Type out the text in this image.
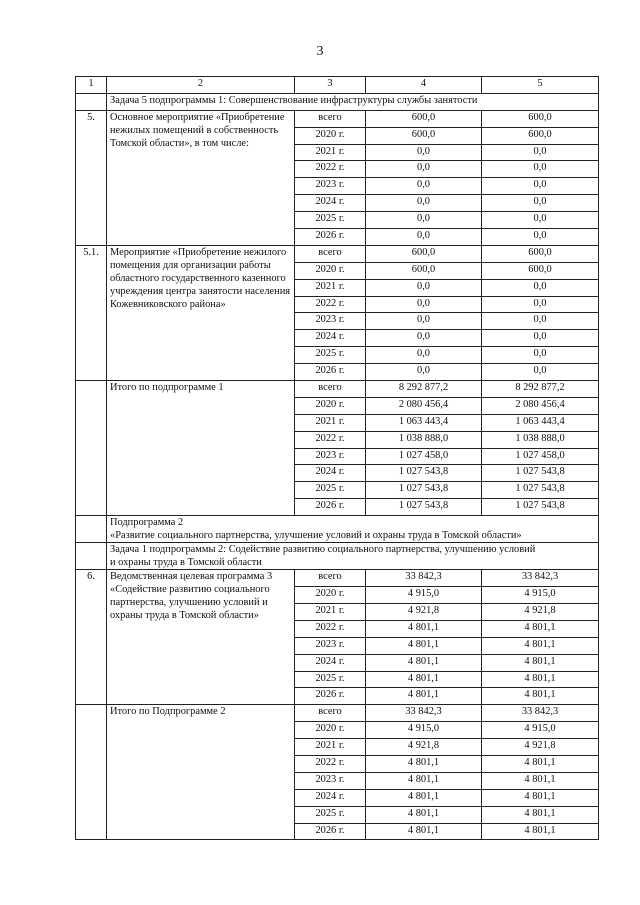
3
1	2	3	4	5
	Задача 5 подпрограммы 1: Совершенствование инфраструктуры службы занятости			
5.	Основное мероприятие «Приобретение нежилых помещений в собственность Томской области», в том числе:	всего	600,0	600,0
		2020 г.	600,0	600,0
		2021 г.	0,0	0,0
		2022 г.	0,0	0,0
		2023 г.	0,0	0,0
		2024 г.	0,0	0,0
		2025 г.	0,0	0,0
		2026 г.	0,0	0,0
5.1.	Мероприятие «Приобретение нежилого помещения для организации работы областного государственного казенного учреждения центра занятости населения Кожевниковского района»	всего	600,0	600,0
		2020 г.	600,0	600,0
		2021 г.	0,0	0,0
		2022 г.	0,0	0,0
		2023 г.	0,0	0,0
		2024 г.	0,0	0,0
		2025 г.	0,0	0,0
		2026 г.	0,0	0,0
	Итого по подпрограмме 1	всего	8 292 877,2	8 292 877,2
		2020 г.	2 080 456,4	2 080 456,4
		2021 г.	1 063 443,4	1 063 443,4
		2022 г.	1 038 888,0	1 038 888,0
		2023 г.	1 027 458,0	1 027 458,0
		2024 г.	1 027 543,8	1 027 543,8
		2025 г.	1 027 543,8	1 027 543,8
		2026 г.	1 027 543,8	1 027 543,8

	Подпрограмма 2
«Развитие социального партнерства, улучшение условий и охраны труда в Томской области»			

	Задача 1 подпрограммы 2: Содействие развитию социального партнерства, улучшению условий
и охраны труда в Томской области			

6.	Ведомственная целевая программа 3 «Содействие развитию социального партнерства, улучшению условий и охраны труда в Томской области»	всего	33 842,3	33 842,3
		2020 г.	4 915,0	4 915,0
		2021 г.	4 921,8	4 921,8
		2022 г.	4 801,1	4 801,1
		2023 г.	4 801,1	4 801,1
		2024 г.	4 801,1	4 801,1
		2025 г.	4 801,1	4 801,1
		2026 г.	4 801,1	4 801,1
	Итого по Подпрограмме 2	всего	33 842,3	33 842,3
		2020 г.	4 915,0	4 915,0
		2021 г.	4 921,8	4 921,8
		2022 г.	4 801,1	4 801,1
		2023 г.	4 801,1	4 801,1
		2024 г.	4 801,1	4 801,1
		2025 г.	4 801,1	4 801,1
		2026 г.	4 801,1	4 801,1
